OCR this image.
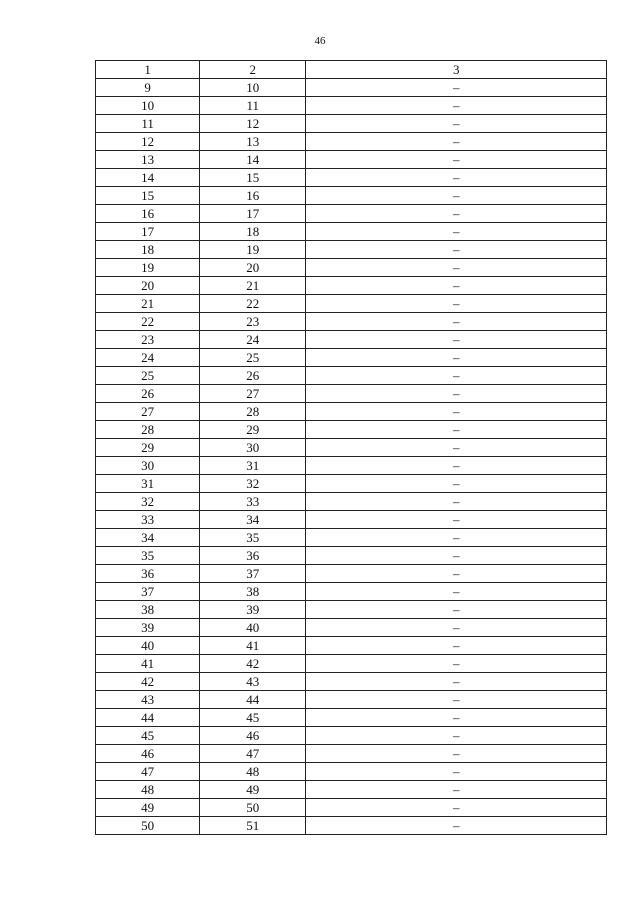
46
1	2	3
9	10	–
10	11	–
11	12	–
12	13	–
13	14	–
14	15	–
15	16	–
16	17	–
17	18	–
18	19	–
19	20	–
20	21	–
21	22	–
22	23	–
23	24	–
24	25	–
25	26	–
26	27	–
27	28	–
28	29	–
29	30	–
30	31	–
31	32	–
32	33	–
33	34	–
34	35	–
35	36	–
36	37	–
37	38	–
38	39	–
39	40	–
40	41	–
41	42	–
42	43	–
43	44	–
44	45	–
45	46	–
46	47	–
47	48	–
48	49	–
49	50	–
50	51	–
